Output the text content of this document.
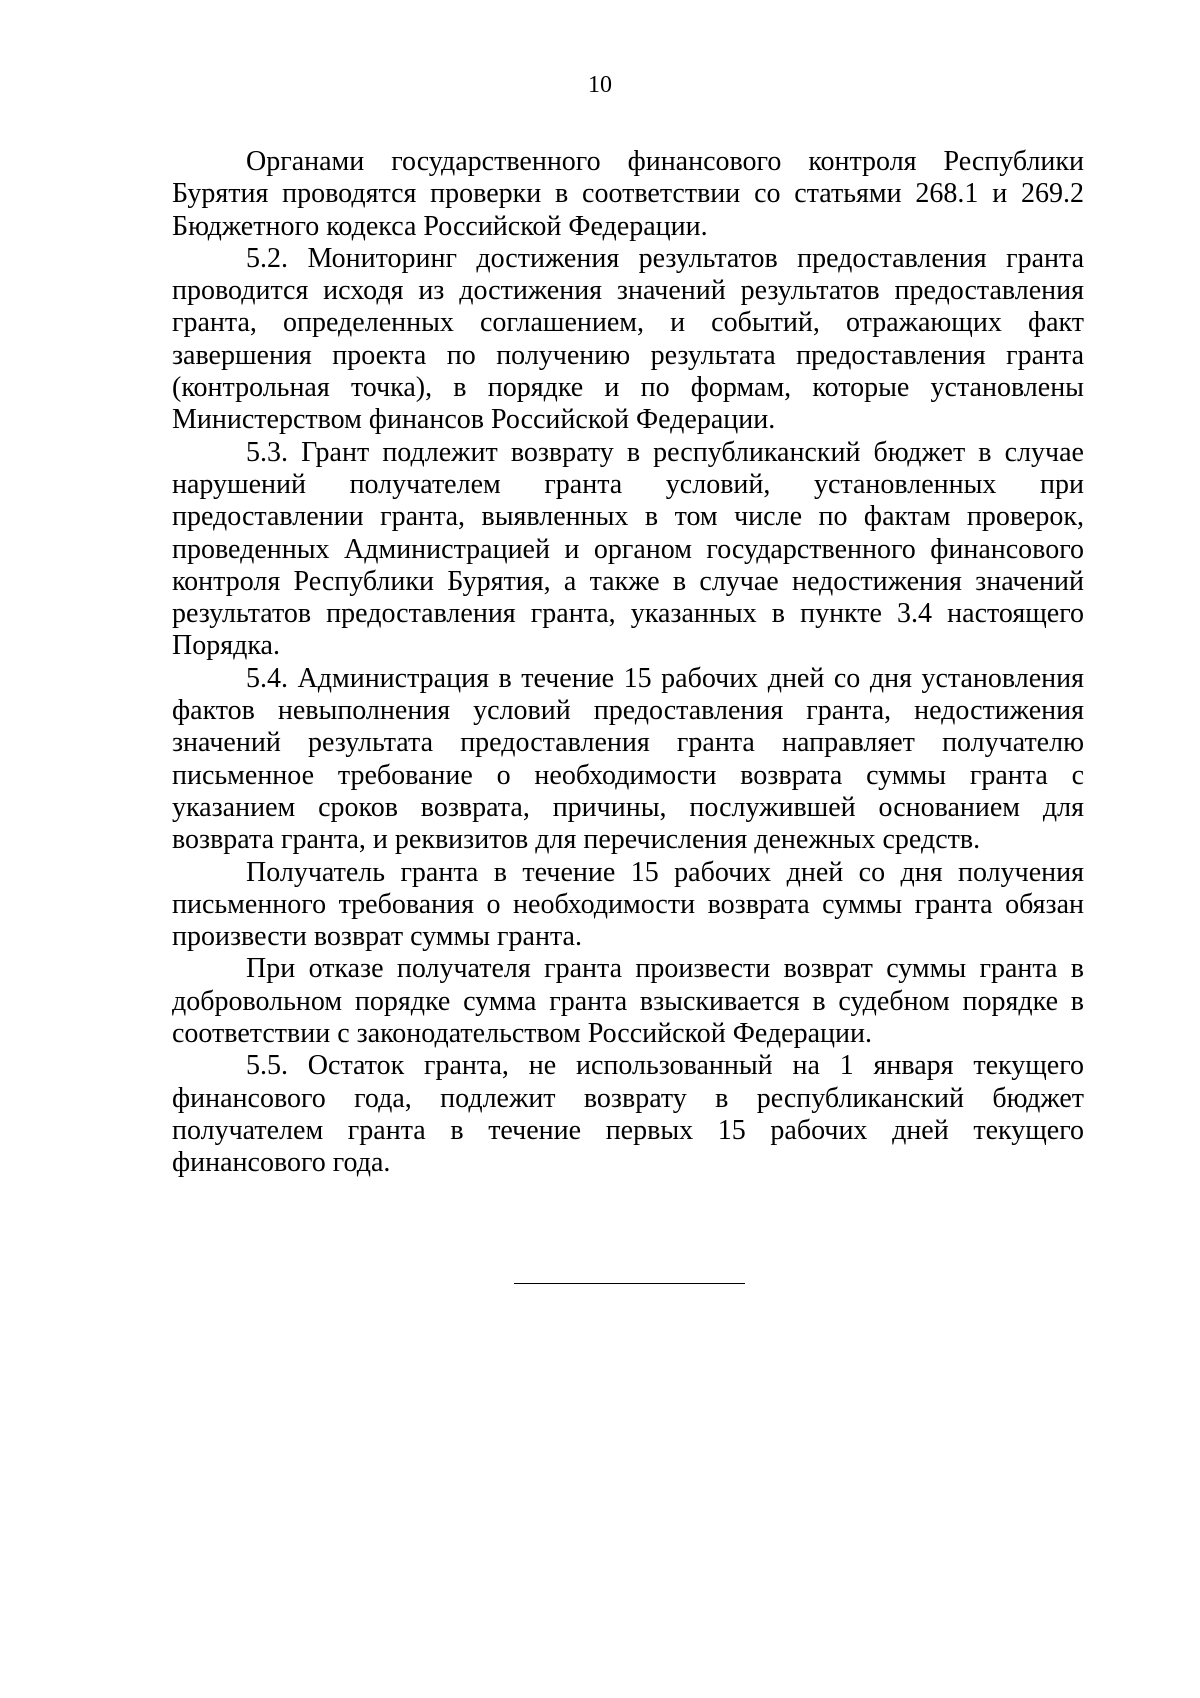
10

Органами государственного финансового контроля Республики Бурятия проводятся проверки в соответствии со статьями 268.1 и 269.2 Бюджетного кодекса Российской Федерации.

5.2. Мониторинг достижения результатов предоставления гранта проводится исходя из достижения значений результатов предоставления гранта, определенных соглашением, и событий, отражающих факт завершения проекта по получению результата предоставления гранта (контрольная точка), в порядке и по формам, которые установлены Министерством финансов Российской Федерации.

5.3. Грант подлежит возврату в республиканский бюджет в случае нарушений получателем гранта условий, установленных при предоставлении гранта, выявленных в том числе по фактам проверок, проведенных Администрацией и органом государственного финансового контроля Республики Бурятия, а также в случае недостижения значений результатов предоставления гранта, указанных в пункте 3.4 настоящего Порядка.

5.4. Администрация в течение 15 рабочих дней со дня установления фактов невыполнения условий предоставления гранта, недостижения значений результата предоставления гранта направляет получателю письменное требование о необходимости возврата суммы гранта с указанием сроков возврата, причины, послужившей основанием для возврата гранта, и реквизитов для перечисления денежных средств.

Получатель гранта в течение 15 рабочих дней со дня получения письменного требования о необходимости возврата суммы гранта обязан произвести возврат суммы гранта.

При отказе получателя гранта произвести возврат суммы гранта в добровольном порядке сумма гранта взыскивается в судебном порядке в соответствии с законодательством Российской Федерации.

5.5. Остаток гранта, не использованный на 1 января текущего финансового года, подлежит возврату в республиканский бюджет получателем гранта в течение первых 15 рабочих дней текущего финансового года.
